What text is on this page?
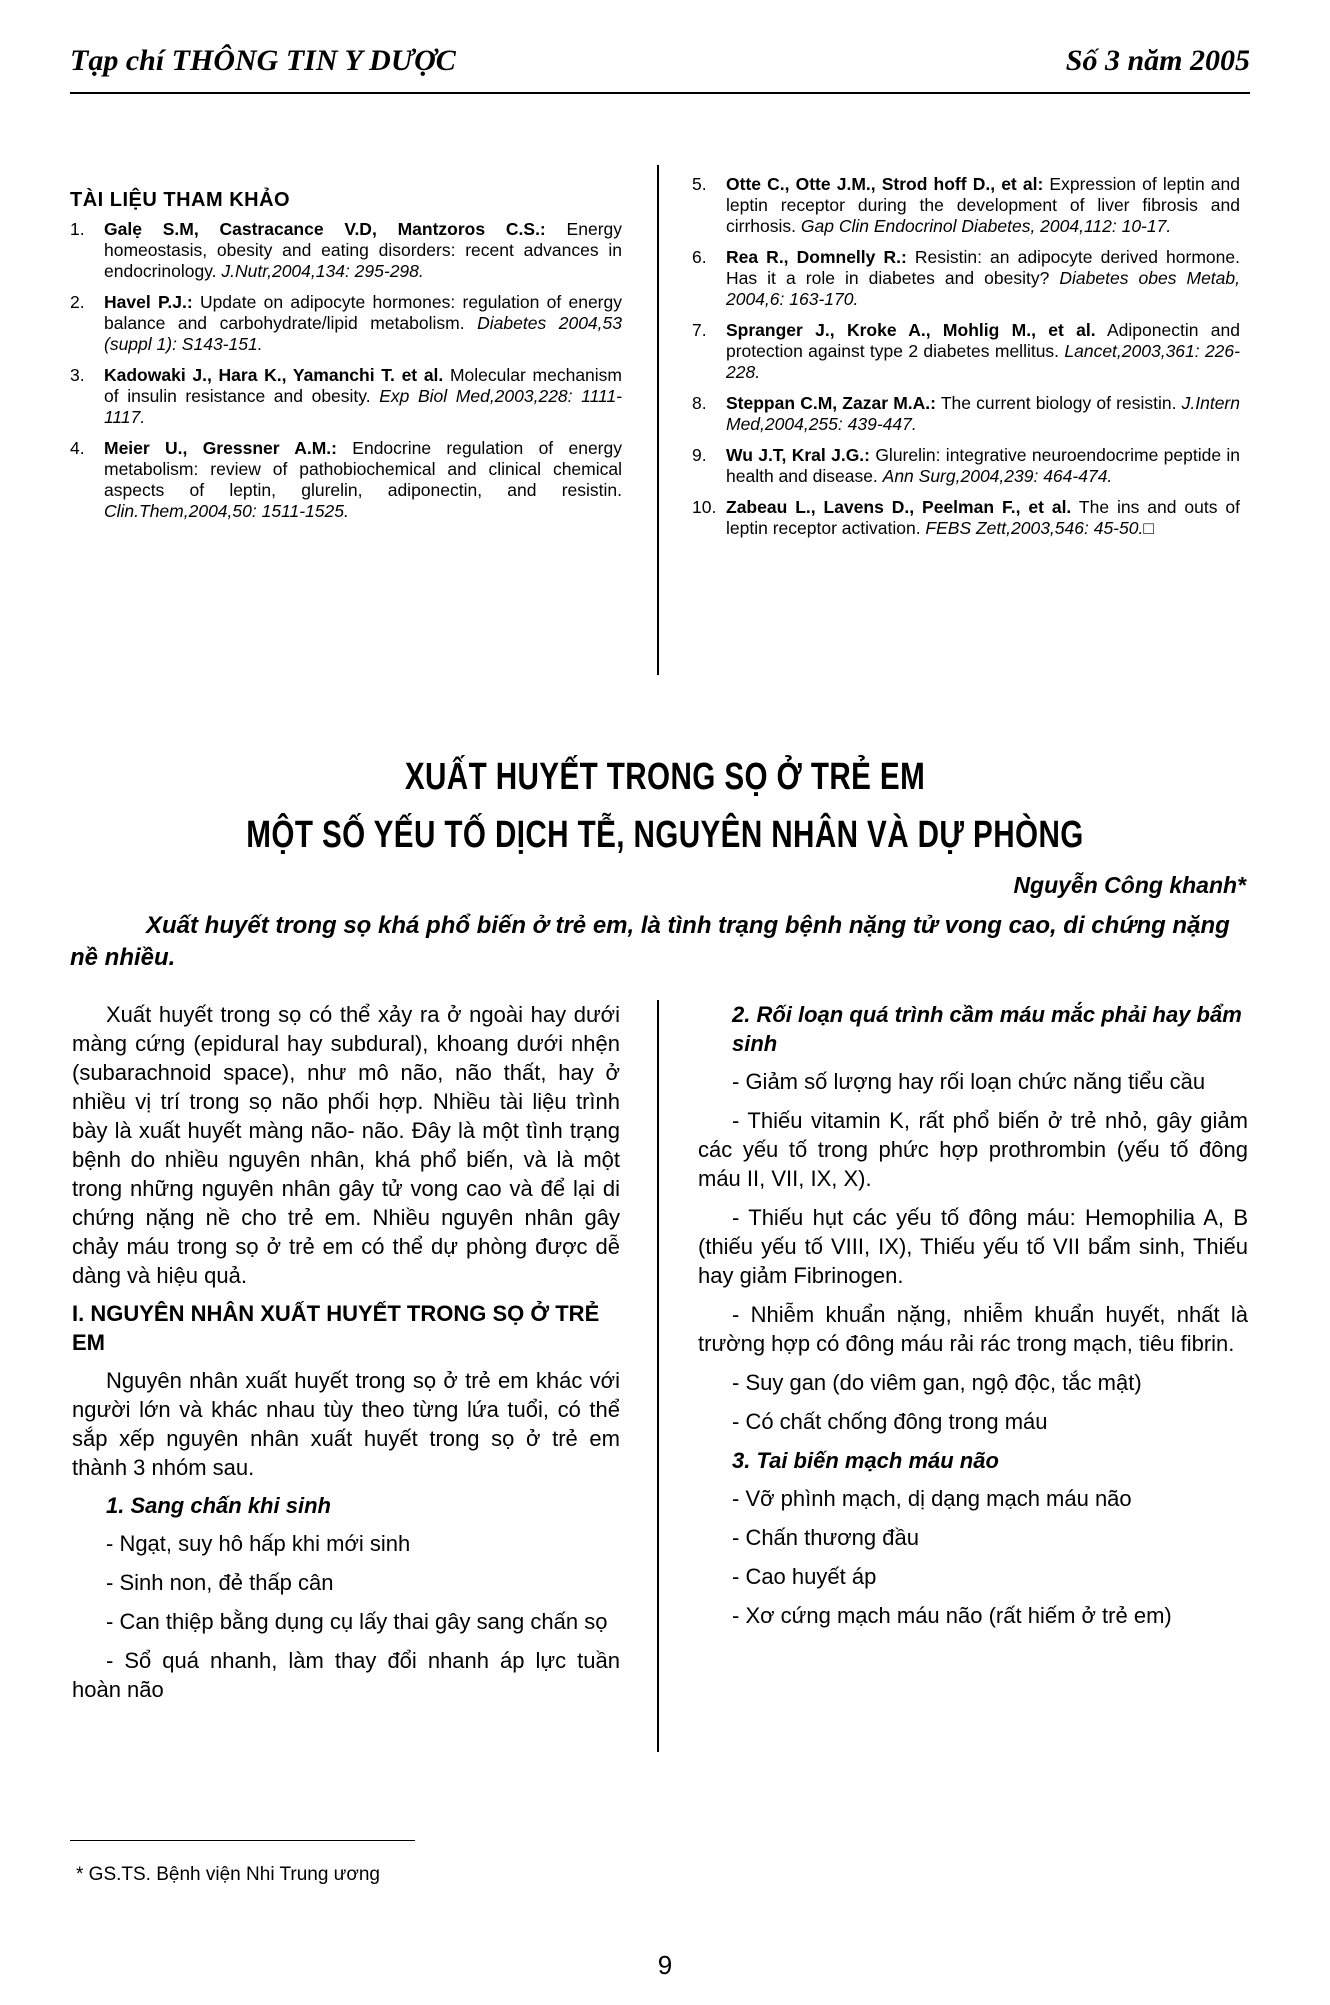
Tạp chí THÔNG TIN Y DƯỢC	Số 3 năm 2005
TÀI LIỆU THAM KHẢO
1.	Galẹ S.M, Castracance V.D, Mantzoros C.S.: Energy homeostasis, obesity and eating disorders: recent advances in endocrinology. J.Nutr,2004,134: 295-298.
2.	Havel P.J.: Update on adipocyte hormones: regulation of energy balance and carbohydrate/lipid metabolism. Diabetes 2004,53 (suppl 1): S143-151.
3.	Kadowaki J., Hara K., Yamanchi T. et al. Molecular mechanism of insulin resistance and obesity. Exp Biol Med,2003,228: 1111-1117.
4.	Meier U., Gressner A.M.: Endocrine regulation of energy metabolism: review of pathobiochemical and clinical chemical aspects of leptin, glurelin, adiponectin, and resistin. Clin.Them,2004,50: 1511-1525.
5.	Otte C., Otte J.M., Strod hoff D., et al: Expression of leptin and leptin receptor during the development of liver fibrosis and cirrhosis. Gap Clin Endocrinol Diabetes, 2004,112: 10-17.
6.	Rea R., Domnelly R.: Resistin: an adipocyte derived hormone. Has it a role in diabetes and obesity? Diabetes obes Metab, 2004,6: 163-170.
7.	Spranger J., Kroke A., Mohlig M., et al. Adiponectin and protection against type 2 diabetes mellitus. Lancet,2003,361: 226-228.
8.	Steppan C.M, Zazar M.A.: The current biology of resistin. J.Intern Med,2004,255: 439-447.
9.	Wu J.T, Kral J.G.: Glurelin: integrative neuroendocrime peptide in health and disease. Ann Surg,2004,239: 464-474.
10. Zabeau L., Lavens D., Peelman F., et al. The ins and outs of leptin receptor activation. FEBS Zett,2003,546: 45-50.□
XUẤT HUYẾT TRONG SỌ Ở TRẺ EM
MỘT SỐ YẾU TỐ DỊCH TỄ, NGUYÊN NHÂN VÀ DỰ PHÒNG
Nguyễn Công khanh*
Xuất huyết trong sọ khá phổ biến ở trẻ em, là tình trạng bệnh nặng tử vong cao, di chứng nặng nề nhiều.

Xuất huyết trong sọ có thể xảy ra ở ngoài hay dưới màng cứng (epidural hay subdural), khoang dưới nhện (subarachnoid space), như mô não, não thất, hay ở nhiều vị trí trong sọ não phối hợp. Nhiều tài liệu trình bày là xuất huyết màng não- não. Đây là một tình trạng bệnh do nhiều nguyên nhân, khá phổ biến, và là một trong những nguyên nhân gây tử vong cao và để lại di chứng nặng nề cho trẻ em. Nhiều nguyên nhân gây chảy máu trong sọ ở trẻ em có thể dự phòng được dễ dàng và hiệu quả.

I. NGUYÊN NHÂN XUẤT HUYẾT TRONG SỌ Ở TRẺ EM

Nguyên nhân xuất huyết trong sọ ở trẻ em khác với người lớn và khác nhau tùy theo từng lứa tuổi, có thể sắp xếp nguyên nhân xuất huyết trong sọ ở trẻ em thành 3 nhóm sau.

1. Sang chấn khi sinh
- Ngạt, suy hô hấp khi mới sinh
- Sinh non, đẻ thấp cân
- Can thiệp bằng dụng cụ lấy thai gây sang chấn sọ
- Sổ quá nhanh, làm thay đổi nhanh áp lực tuần hoàn não
2. Rối loạn quá trình cầm máu mắc phải hay bẩm sinh
- Giảm số lượng hay rối loạn chức năng tiểu cầu
- Thiếu vitamin K, rất phổ biến ở trẻ nhỏ, gây giảm các yếu tố trong phức hợp prothrombin (yếu tố đông máu II, VII, IX, X).
- Thiếu hụt các yếu tố đông máu: Hemophilia A, B (thiếu yếu tố VIII, IX), Thiếu yếu tố VII bẩm sinh, Thiếu hay giảm Fibrinogen.
- Nhiễm khuẩn nặng, nhiễm khuẩn huyết, nhất là trường hợp có đông máu rải rác trong mạch, tiêu fibrin.
- Suy gan (do viêm gan, ngộ độc, tắc mật)
- Có chất chống đông trong máu
3. Tai biến mạch máu não
- Vỡ phình mạch, dị dạng mạch máu não
- Chấn thương đầu
- Cao huyết áp
- Xơ cứng mạch máu não (rất hiếm ở trẻ em)
* GS.TS. Bệnh viện Nhi Trung ương
9
